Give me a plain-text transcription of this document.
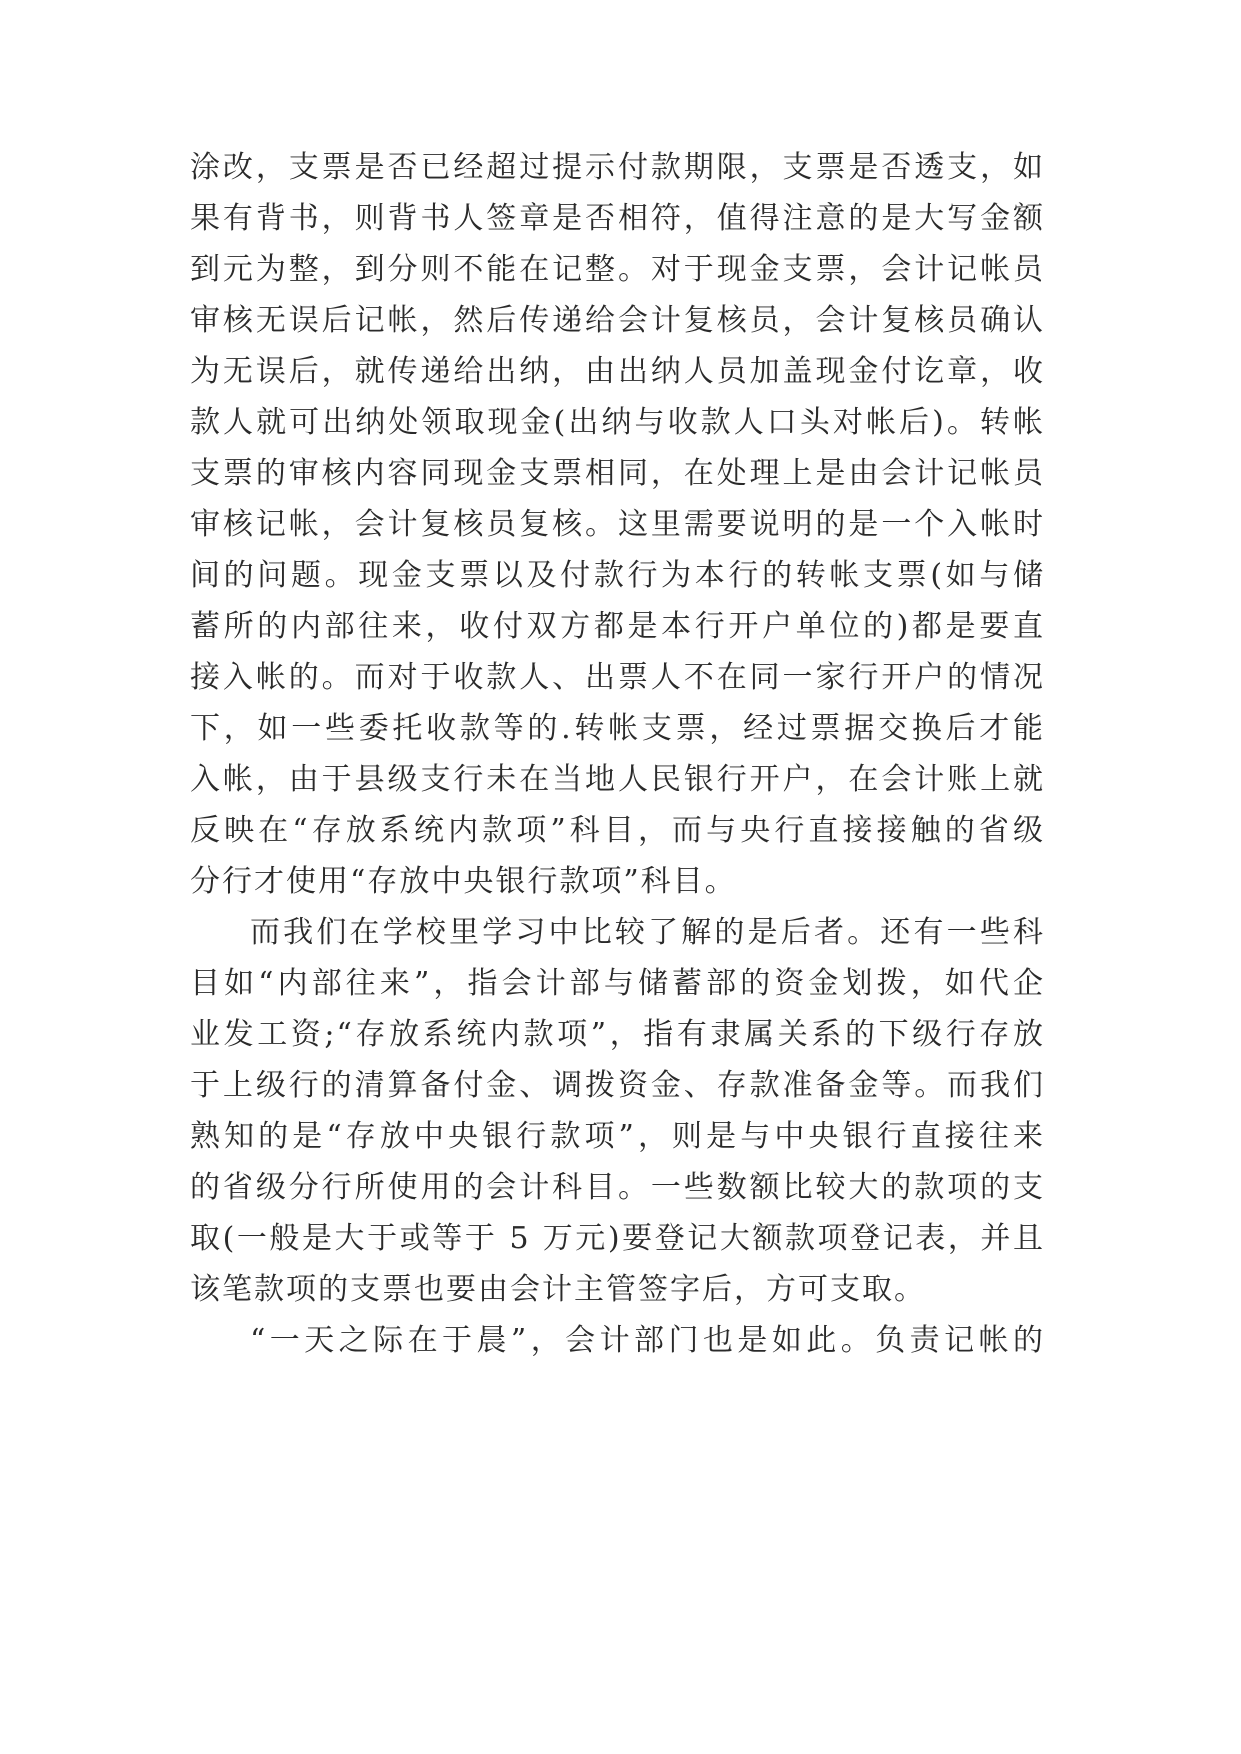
涂改，支票是否已经超过提示付款期限，支票是否透支，如
果有背书，则背书人签章是否相符，值得注意的是大写金额
到元为整，到分则不能在记整。对于现金支票，会计记帐员
审核无误后记帐，然后传递给会计复核员，会计复核员确认
为无误后，就传递给出纳，由出纳人员加盖现金付讫章，收
款人就可出纳处领取现金(出纳与收款人口头对帐后)。转帐
支票的审核内容同现金支票相同，在处理上是由会计记帐员
审核记帐，会计复核员复核。这里需要说明的是一个入帐时
间的问题。现金支票以及付款行为本行的转帐支票(如与储
蓄所的内部往来，收付双方都是本行开户单位的)都是要直
接入帐的。而对于收款人、出票人不在同一家行开户的情况
下，如一些委托收款等的.转帐支票，经过票据交换后才能
入帐，由于县级支行未在当地人民银行开户，在会计账上就
反映在“存放系统内款项”科目，而与央行直接接触的省级
分行才使用“存放中央银行款项”科目。
而我们在学校里学习中比较了解的是后者。还有一些科
目如“内部往来”，指会计部与储蓄部的资金划拨，如代企
业发工资;“存放系统内款项”，指有隶属关系的下级行存放
于上级行的清算备付金、调拨资金、存款准备金等。而我们
熟知的是“存放中央银行款项”，则是与中央银行直接往来
的省级分行所使用的会计科目。一些数额比较大的款项的支
取(一般是大于或等于 5 万元)要登记大额款项登记表，并且
该笔款项的支票也要由会计主管签字后，方可支取。
“一天之际在于晨”，会计部门也是如此。负责记帐的
